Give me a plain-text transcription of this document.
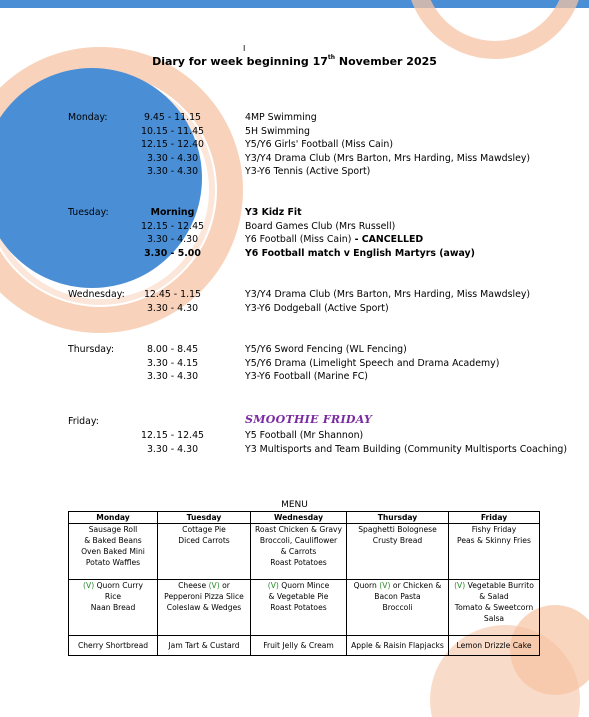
I
Diary for week beginning 17th November 2025
Monday:	9.45 - 11.15	4MP Swimming
10.15 - 11.45	5H Swimming
12.15 - 12.40	Y5/Y6 Girls' Football (Miss Cain)
3.30 - 4.30	Y3/Y4 Drama Club (Mrs Barton, Mrs Harding, Miss Mawdsley)
3.30 - 4.30	Y3-Y6 Tennis (Active Sport)
Tuesday:	Morning	Y3 Kidz Fit
12.15 - 12.45	Board Games Club (Mrs Russell)
3.30 - 4.30	Y6 Football (Miss Cain) - CANCELLED
3.30 - 5.00	Y6 Football match v English Martyrs (away)
Wednesday:	12.45 - 1.15	Y3/Y4 Drama Club (Mrs Barton, Mrs Harding, Miss Mawdsley)
3.30 - 4.30	Y3-Y6 Dodgeball (Active Sport)
Thursday:	8.00 - 8.45	Y5/Y6 Sword Fencing (WL Fencing)
3.30 - 4.15	Y5/Y6 Drama (Limelight Speech and Drama Academy)
3.30 - 4.30	Y3-Y6 Football (Marine FC)
Friday:	SMOOTHIE FRIDAY
12.15 - 12.45	Y5 Football (Mr Shannon)
3.30 - 4.30	Y3 Multisports and Team Building (Community Multisports Coaching)
MENU
Monday	Tuesday	Wednesday	Thursday	Friday

Sausage Roll
& Baked Beans
Oven Baked Mini
Potato Waffles	Cottage Pie
Diced Carrots	Roast Chicken & Gravy
Broccoli, Cauliflower
& Carrots
Roast Potatoes	Spaghetti Bolognese
Crusty Bread	Fishy Friday
Peas & Skinny Fries

(V) Quorn Curry
Rice
Naan Bread	Cheese (V) or
Pepperoni Pizza Slice
Coleslaw & Wedges	(V) Quorn Mince
& Vegetable Pie
Roast Potatoes	Quorn (V) or Chicken &
Bacon Pasta
Broccoli	(V) Vegetable Burrito
& Salad
Tomato & Sweetcorn
Salsa

Cherry Shortbread	Jam Tart & Custard	Fruit Jelly & Cream	Apple & Raisin Flapjacks	Lemon Drizzle Cake
